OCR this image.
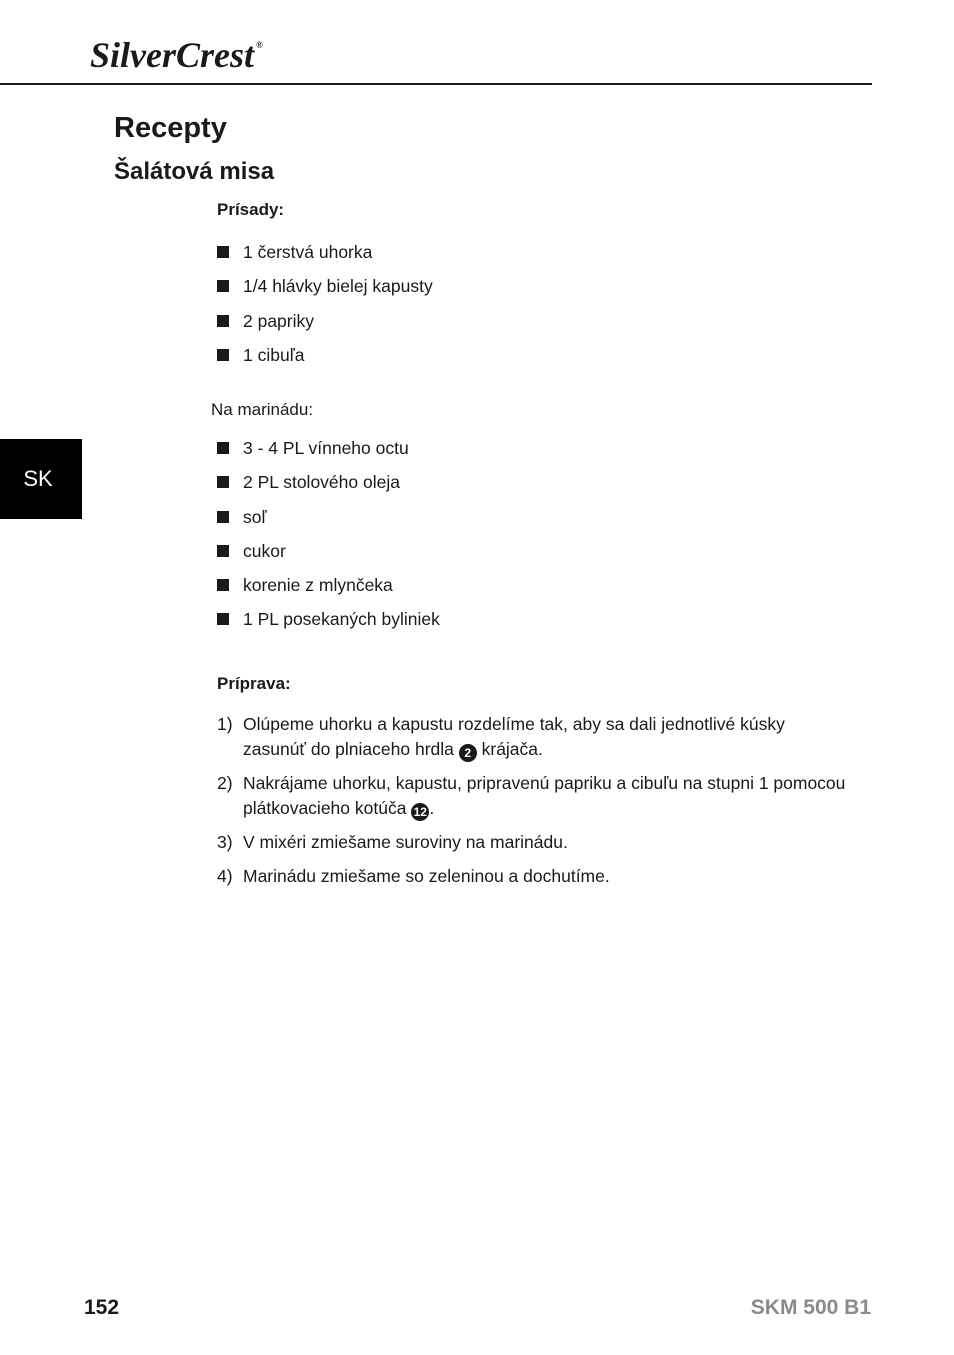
SilverCrest ®
Recepty
Šalátová misa
Prísady:
1 čerstvá uhorka
1/4 hlávky bielej kapusty
2 papriky
1 cibuľa
Na marinádu:
3 - 4 PL vínneho octu
2 PL stolového oleja
soľ
cukor
korenie z mlynčeka
1 PL posekaných byliniek
Príprava:
1) Olúpeme uhorku a kapustu rozdelíme tak, aby sa dali jednotlivé kúsky zasunúť do plniaceho hrdla 2 krájača.
2) Nakrájame uhorku, kapustu, pripravenú papriku a cibuľu na stupni 1 pomocou plátkovacieho kotúča 12 .
3) V mixéri zmiešame suroviny na marinádu.
4) Marinádu zmiešame so zeleninou a dochutíme.
SK
152	SKM 500 B1
